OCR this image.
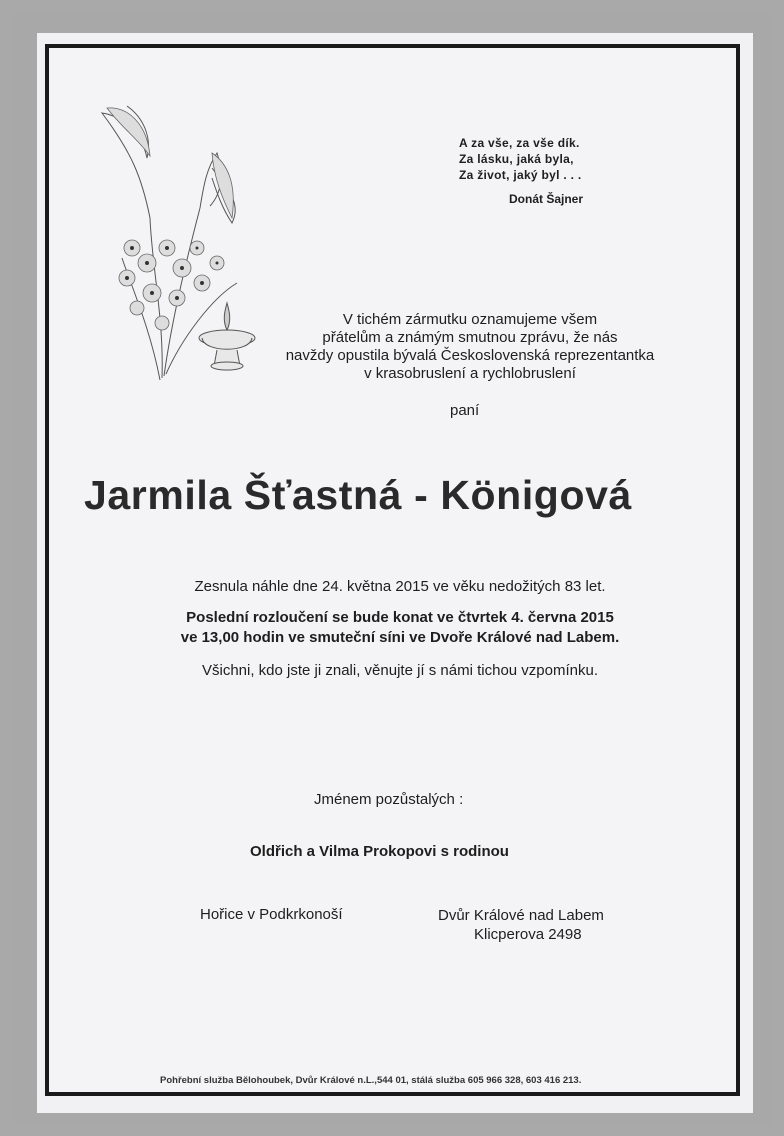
A za vše, za vše dík.
Za lásku, jaká byla,
Za život, jaký byl . . .
Donát Šajner
V tichém zármutku oznamujeme všem
přátelům a známým smutnou zprávu, že nás
navždy opustila bývalá Československá reprezentantka
v krasobruslení a rychlobruslení
paní
Jarmila Šťastná - Königová
Zesnula náhle dne 24. května 2015 ve věku nedožitých 83 let.
Poslední rozloučení se bude konat ve čtvrtek 4. června 2015
ve 13,00 hodin ve smuteční síni ve Dvoře Králové nad Labem.
Všichni, kdo jste ji znali, věnujte jí s námi tichou vzpomínku.
Jménem pozůstalých :
Oldřich a Vilma Prokopovi s rodinou
Hořice v Podkrkonoší	Dvůr Králové nad Labem
Klicperova 2498
Pohřební služba Bělohoubek, Dvůr Králové n.L.,544 01, stálá služba 605 966 328, 603 416 213.
